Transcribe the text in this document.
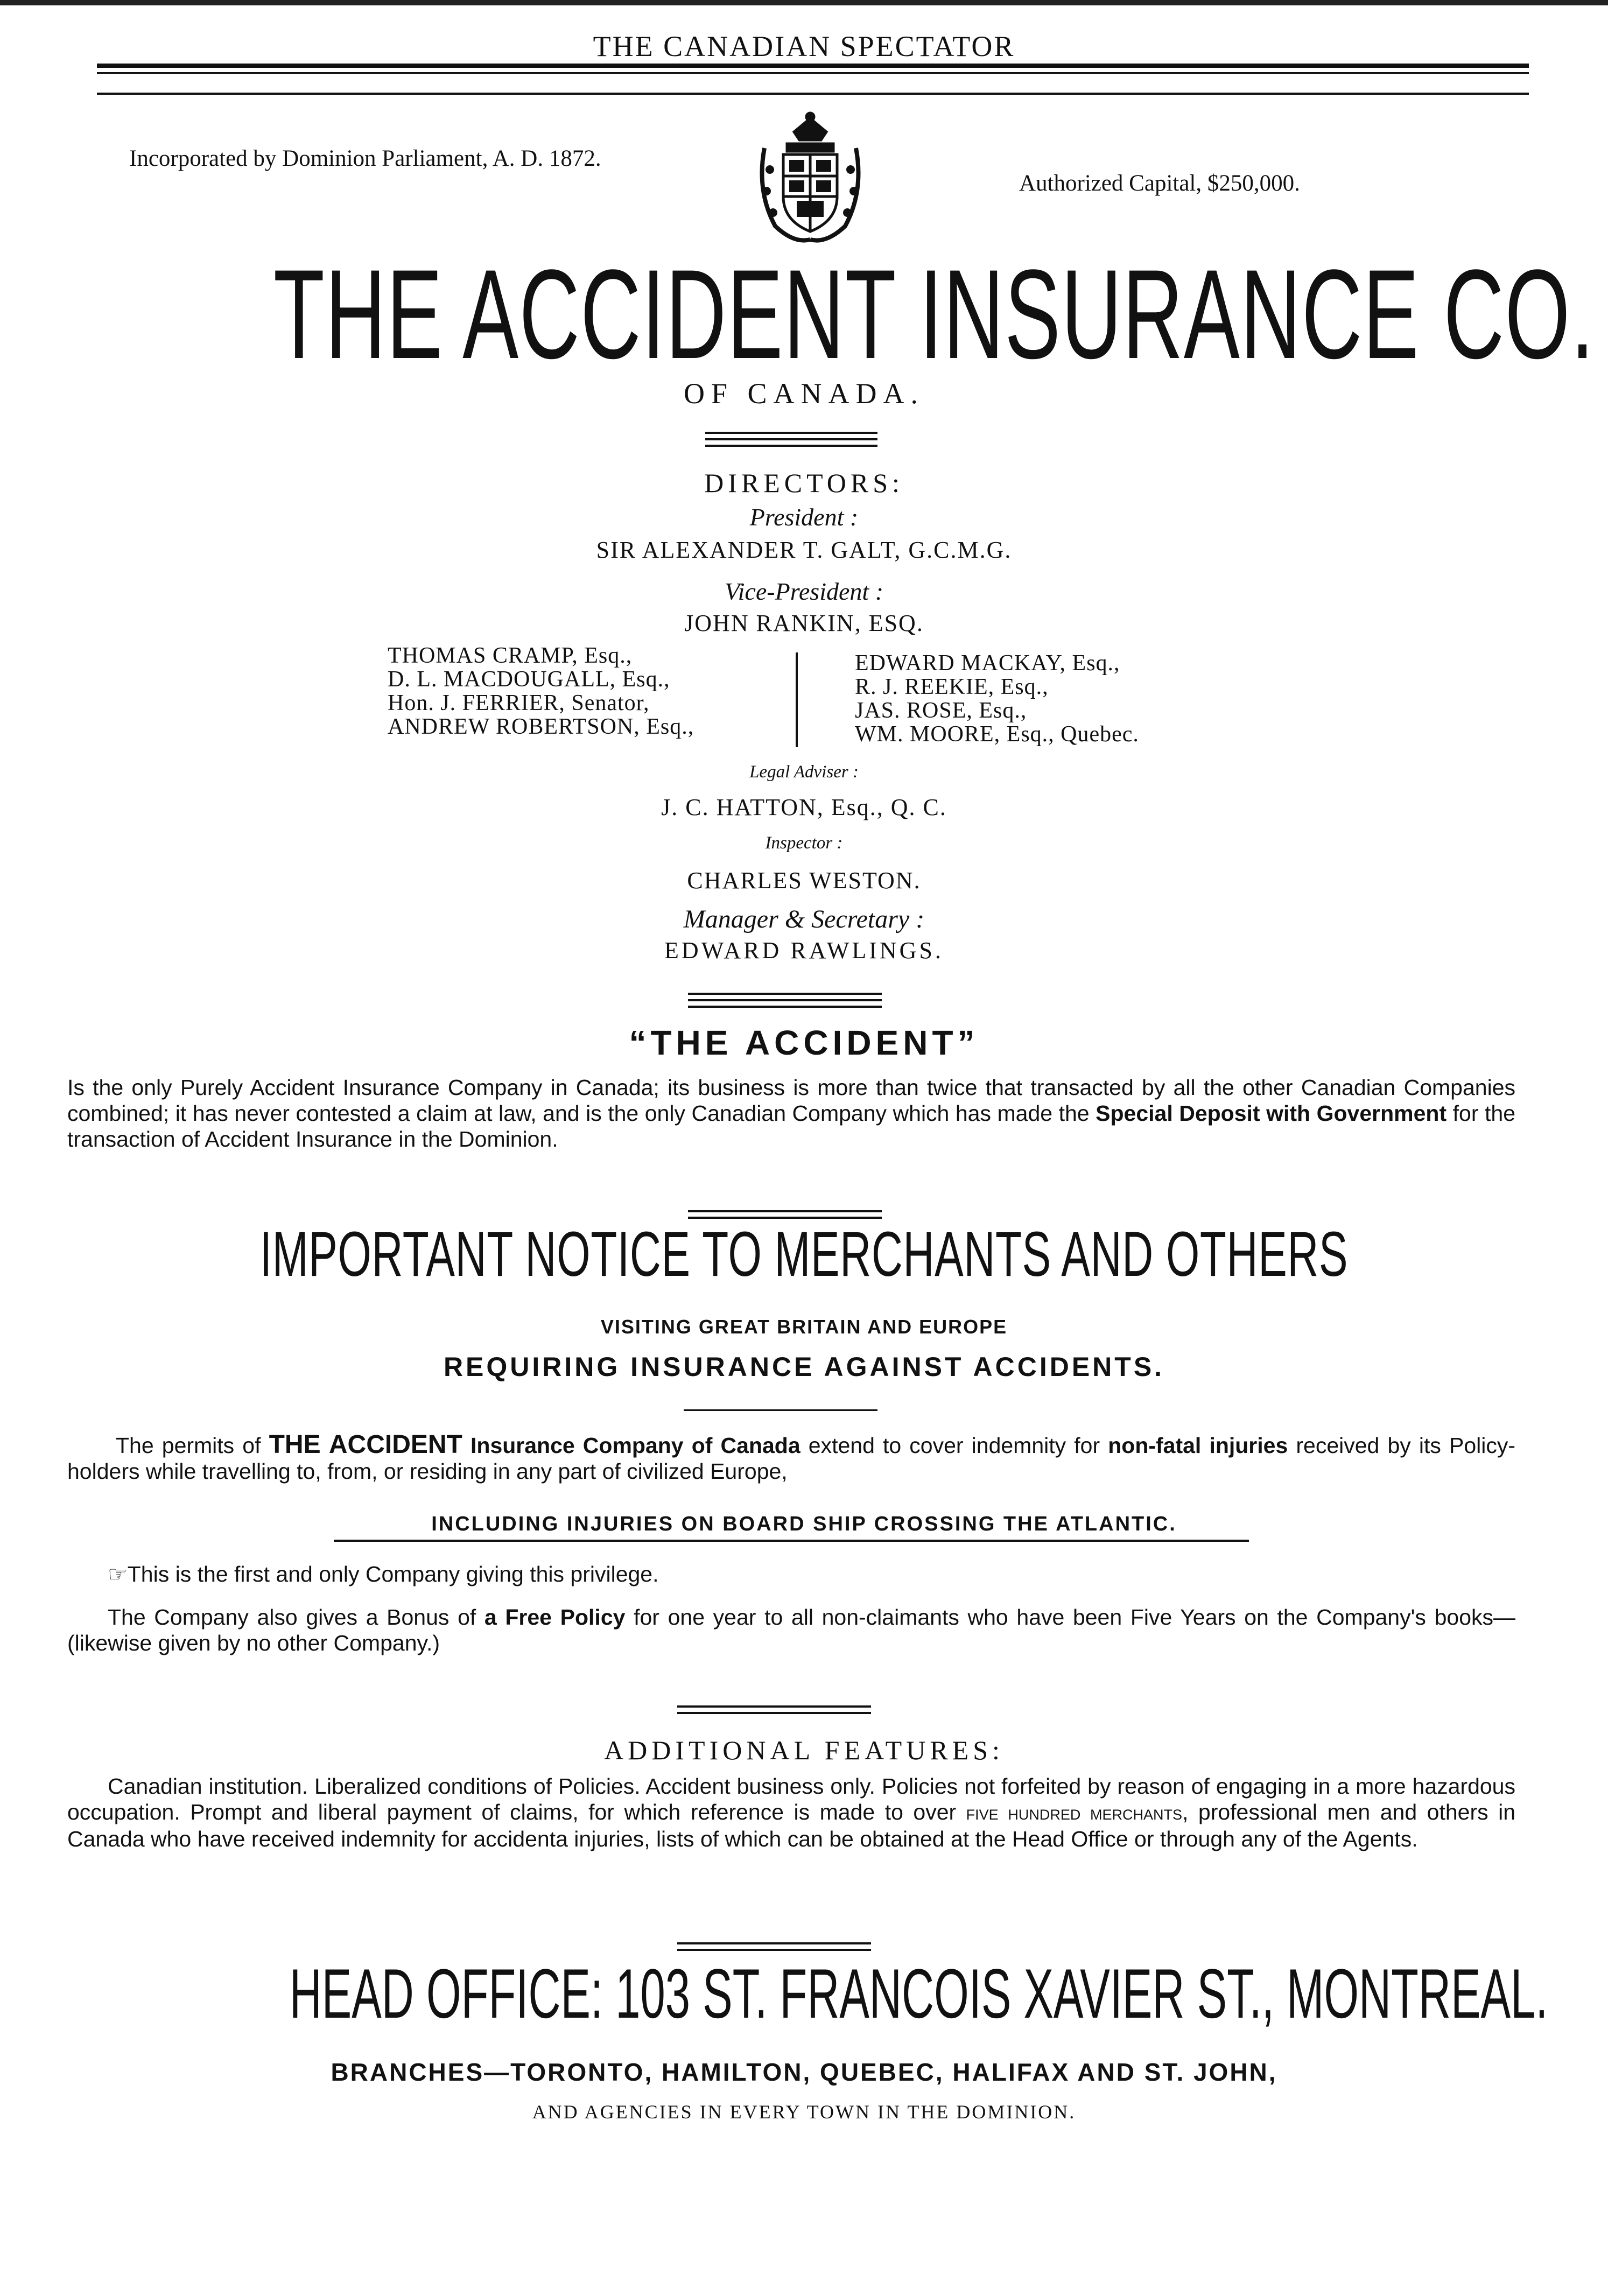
THE CANADIAN SPECTATOR
Incorporated by Dominion Parliament, A. D. 1872.
Authorized Capital, $250,000.
THE ACCIDENT INSURANCE CO.
OF CANADA.
DIRECTORS:
President :
SIR ALEXANDER T. GALT, G.C.M.G.
Vice-President :
JOHN RANKIN, ESQ.
THOMAS CRAMP, Esq.,
D. L. MACDOUGALL, Esq.,
Hon. J. FERRIER, Senator,
ANDREW ROBERTSON, Esq.,
EDWARD MACKAY, Esq.,
R. J. REEKIE, Esq.,
JAS. ROSE, Esq.,
WM. MOORE, Esq., Quebec.
Legal Adviser :
J. C. HATTON, Esq., Q. C.
Inspector :
CHARLES WESTON.
Manager & Secretary :
EDWARD RAWLINGS.
“THE ACCIDENT”
Is the only Purely Accident Insurance Company in Canada; its business is more than twice that transacted by all the other Canadian Companies combined; it has never contested a claim at law, and is the only Canadian Company which has made the Special Deposit with Government for the transaction of Accident Insurance in the Dominion.
IMPORTANT NOTICE TO MERCHANTS AND OTHERS
VISITING GREAT BRITAIN AND EUROPE
REQUIRING INSURANCE AGAINST ACCIDENTS.
The permits of THE ACCIDENT Insurance Company of Canada extend to cover indemnity for non-fatal injuries received by its Policy-holders while travelling to, from, or residing in any part of civilized Europe,
INCLUDING INJURIES ON BOARD SHIP CROSSING THE ATLANTIC.
☞This is the first and only Company giving this privilege.
The Company also gives a Bonus of a Free Policy for one year to all non-claimants who have been Five Years on the Company's books—(likewise given by no other Company.)
ADDITIONAL FEATURES:
Canadian institution. Liberalized conditions of Policies. Accident business only. Policies not forfeited by reason of engaging in a more hazardous occupation. Prompt and liberal payment of claims, for which reference is made to over five hundred merchants, professional men and others in Canada who have received indemnity for accidenta injuries, lists of which can be obtained at the Head Office or through any of the Agents.
HEAD OFFICE: 103 ST. FRANCOIS XAVIER ST., MONTREAL.
BRANCHES—TORONTO, HAMILTON, QUEBEC, HALIFAX AND ST. JOHN,
AND AGENCIES IN EVERY TOWN IN THE DOMINION.
